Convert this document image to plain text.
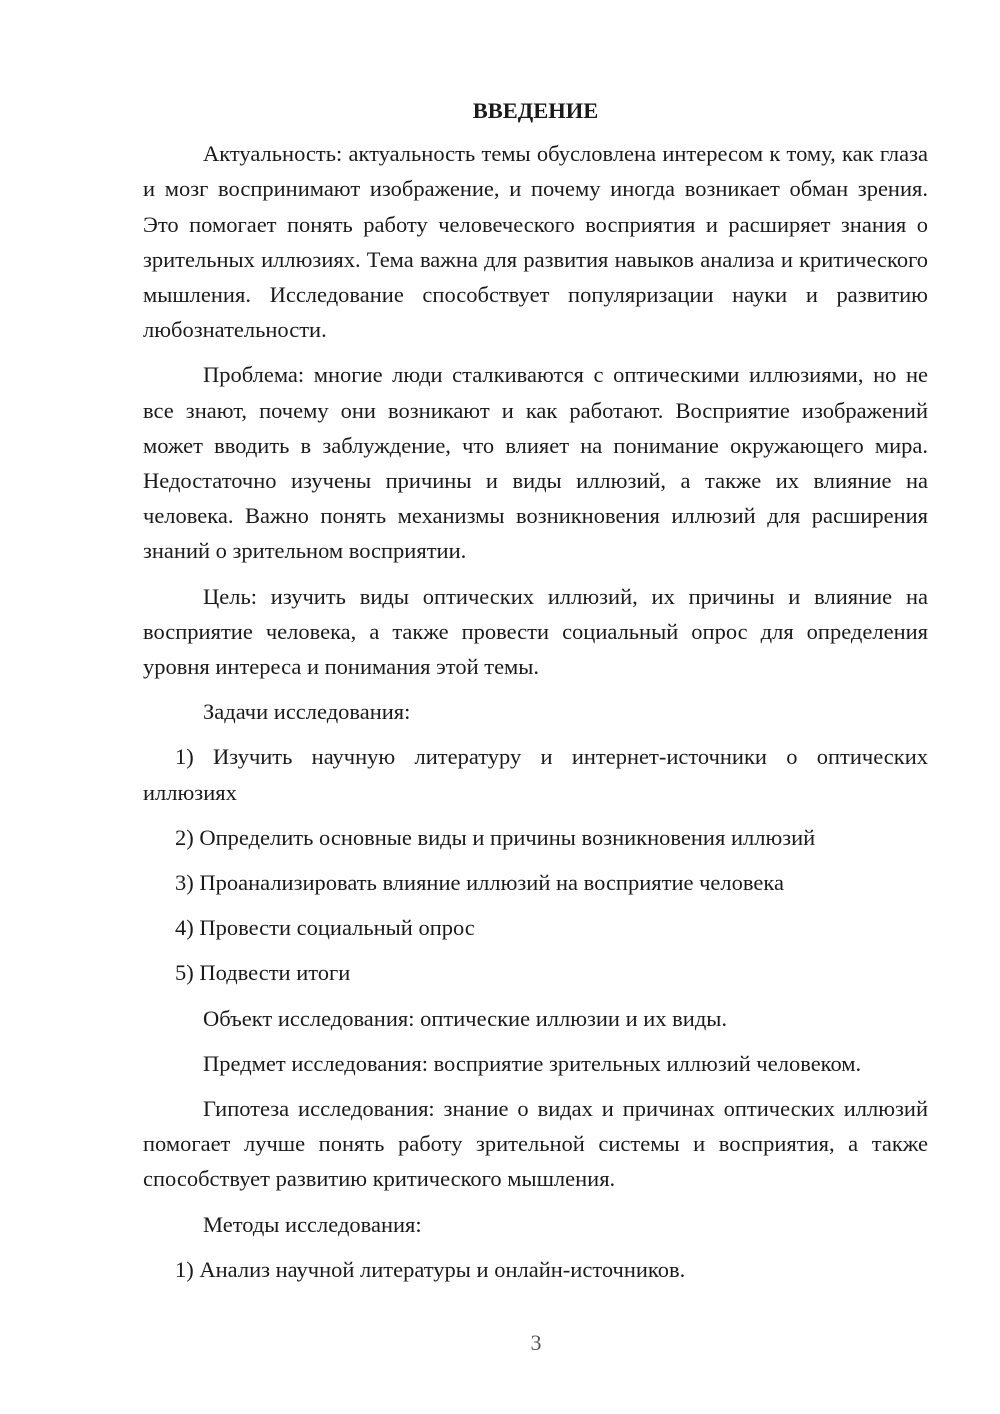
ВВЕДЕНИЕ

Актуальность: актуальность темы обусловлена интересом к тому, как глаза и мозг воспринимают изображение, и почему иногда возникает обман зрения. Это помогает понять работу человеческого восприятия и расширяет знания о зрительных иллюзиях. Тема важна для развития навыков анализа и критического мышления. Исследование способствует популяризации науки и развитию любознательности.

Проблема: многие люди сталкиваются с оптическими иллюзиями, но не все знают, почему они возникают и как работают. Восприятие изображений может вводить в заблуждение, что влияет на понимание окружающего мира. Недостаточно изучены причины и виды иллюзий, а также их влияние на человека. Важно понять механизмы возникновения иллюзий для расширения знаний о зрительном восприятии.

Цель: изучить виды оптических иллюзий, их причины и влияние на восприятие человека, а также провести социальный опрос для определения уровня интереса и понимания этой темы.

Задачи исследования:

1) Изучить научную литературу и интернет-источники о оптических иллюзиях

2) Определить основные виды и причины возникновения иллюзий

3) Проанализировать влияние иллюзий на восприятие человека

4) Провести социальный опрос

5) Подвести итоги

Объект исследования: оптические иллюзии и их виды.

Предмет исследования: восприятие зрительных иллюзий человеком.

Гипотеза исследования: знание о видах и причинах оптических иллюзий помогает лучше понять работу зрительной системы и восприятия, а также способствует развитию критического мышления.

Методы исследования:

1) Анализ научной литературы и онлайн-источников.

3
